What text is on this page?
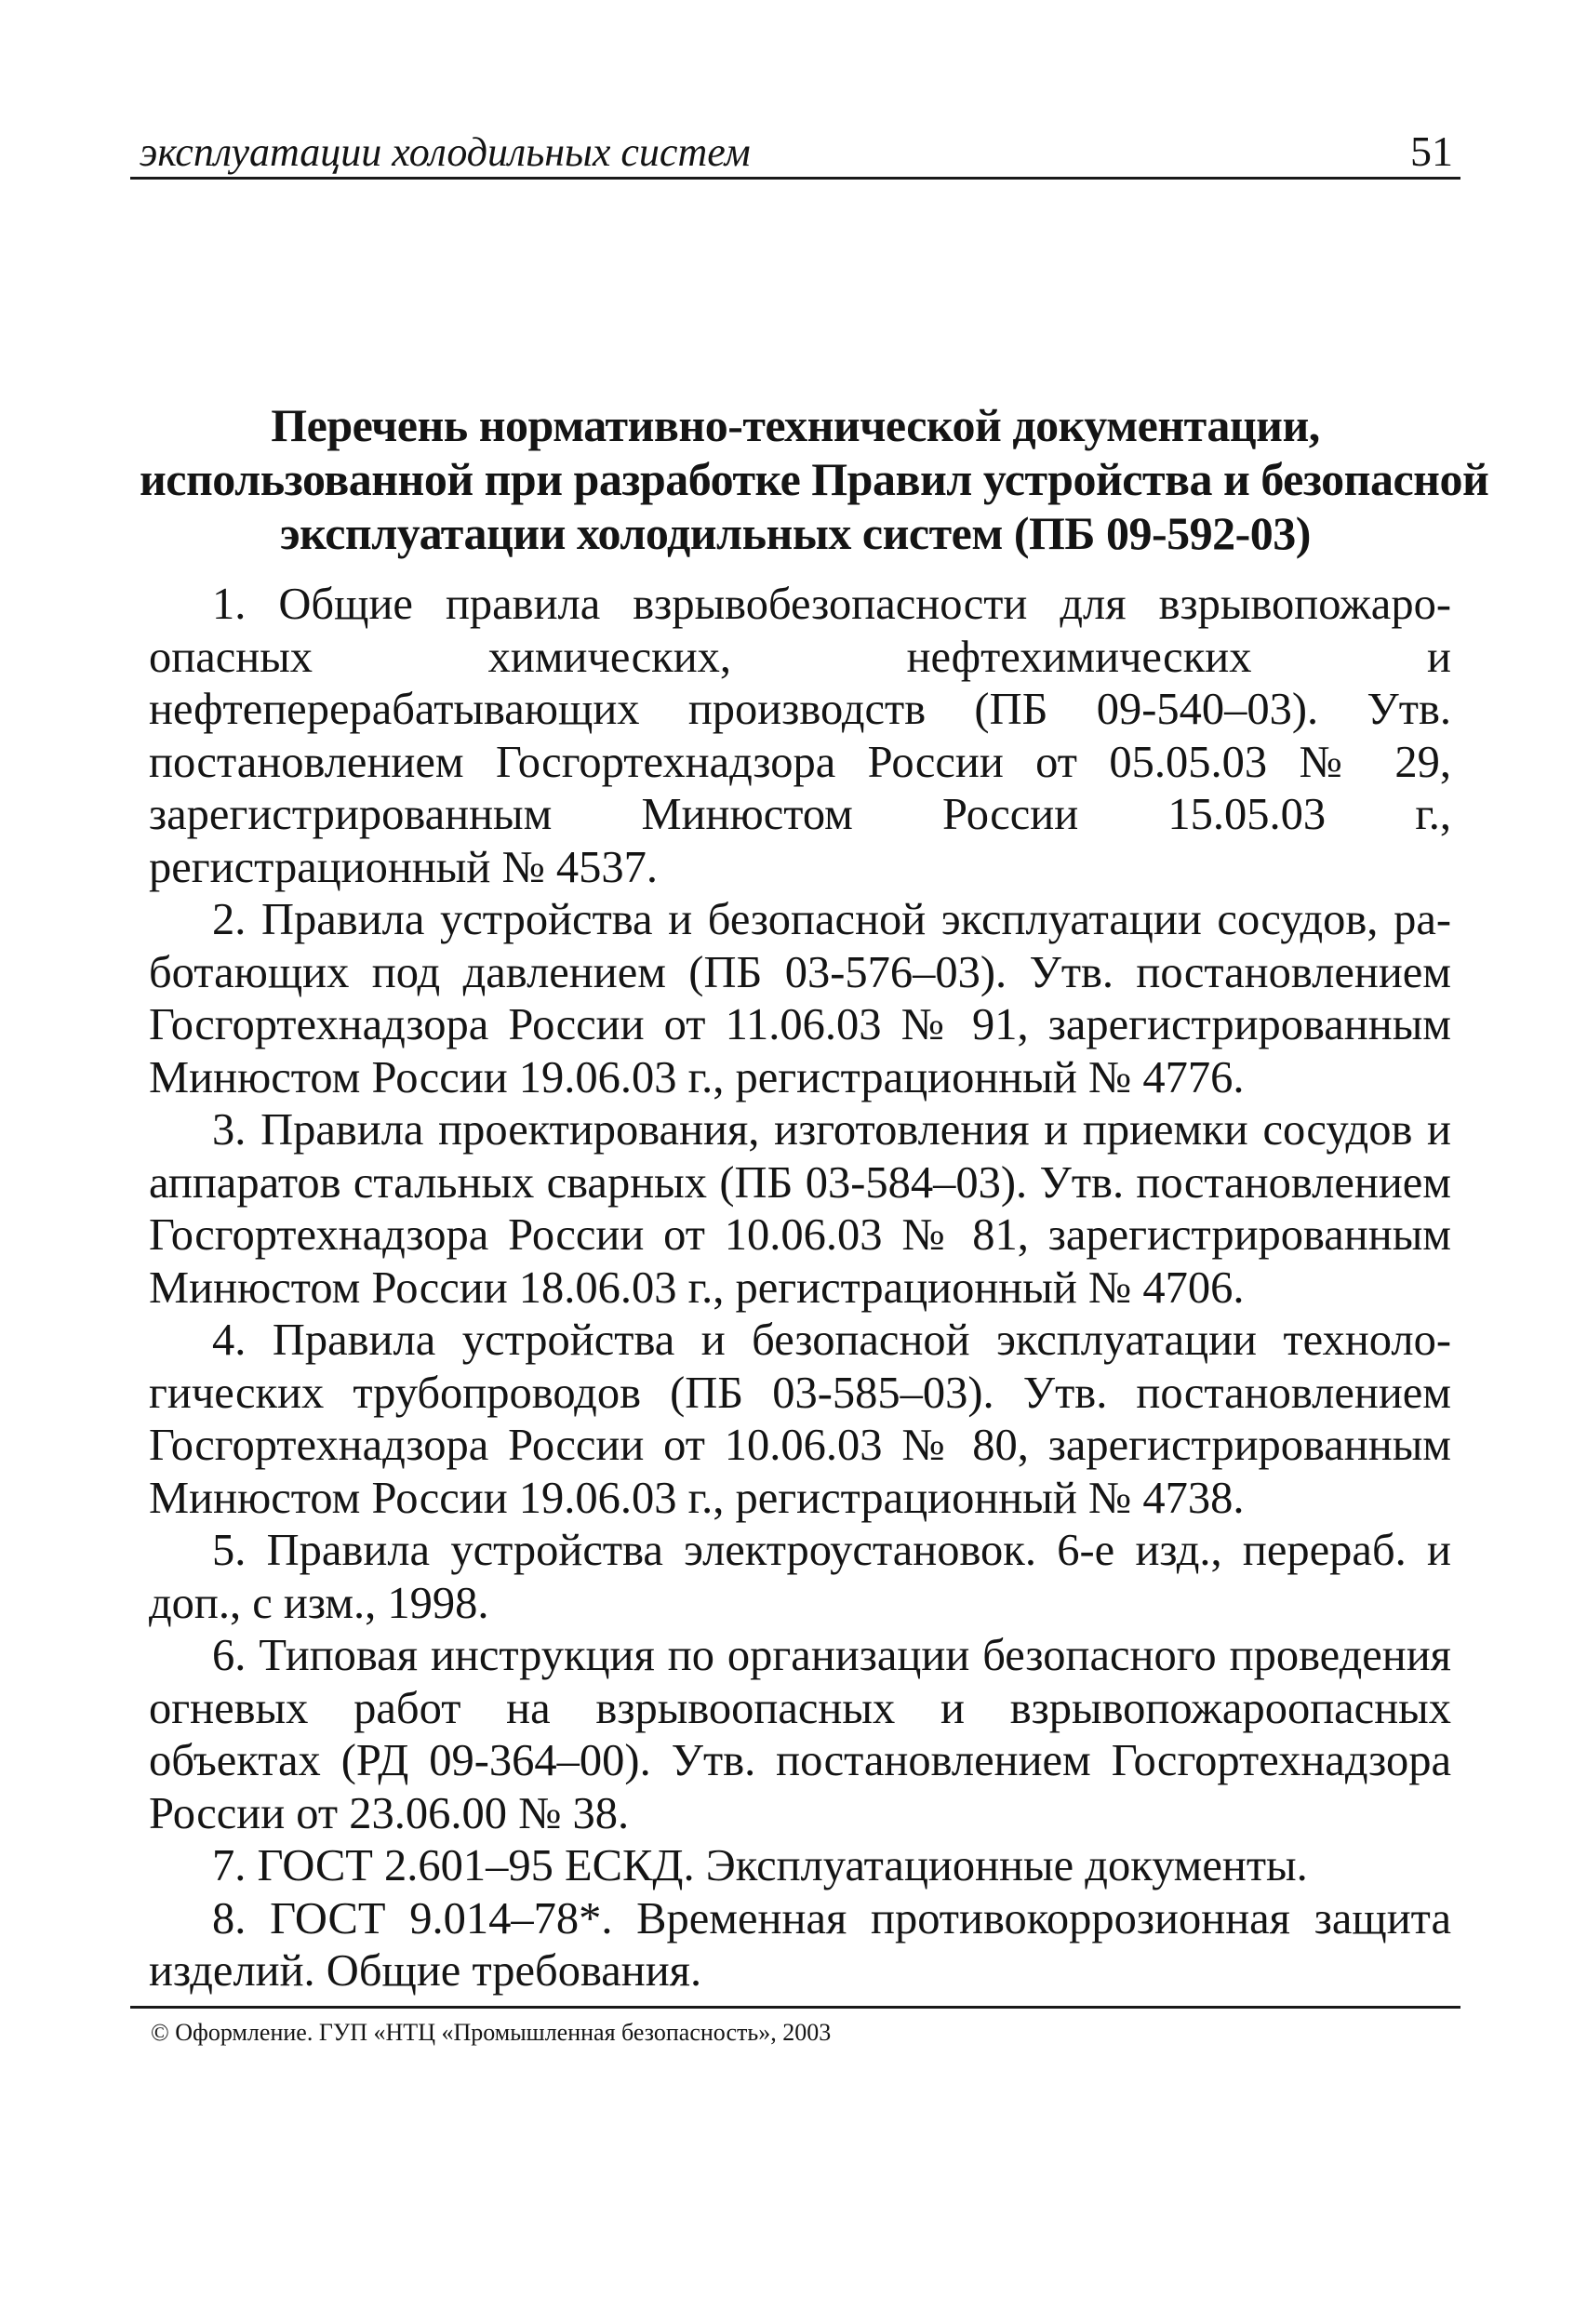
эксплуатации холодильных систем	51
Перечень нормативно-технической документации,
использованной при разработке Правил устройства и безопасной
эксплуатации холодильных систем (ПБ 09-592-03)

1. Общие правила взрывобезопасности для взрывопожароопасных химических, нефтехимических и нефтеперерабатывающих производств (ПБ 09-540–03). Утв. постановлением Госгортехнадзора России от 05.05.03 № 29, зарегистрированным Минюстом России 15.05.03 г., регистрационный № 4537.

2. Правила устройства и безопасной эксплуатации сосудов, работающих под давлением (ПБ 03-576–03). Утв. постановлением Госгортехнадзора России от 11.06.03 № 91, зарегистрированным Минюстом России 19.06.03 г., регистрационный № 4776.

3. Правила проектирования, изготовления и приемки сосудов и аппаратов стальных сварных (ПБ 03-584–03). Утв. постановлением Госгортехнадзора России от 10.06.03 № 81, зарегистрированным Минюстом России 18.06.03 г., регистрационный № 4706.

4. Правила устройства и безопасной эксплуатации технологических трубопроводов (ПБ 03-585–03). Утв. постановлением Госгортехнадзора России от 10.06.03 № 80, зарегистрированным Минюстом России 19.06.03 г., регистрационный № 4738.

5. Правила устройства электроустановок. 6-е изд., перераб. и доп., с изм., 1998.

6. Типовая инструкция по организации безопасного проведения огневых работ на взрывоопасных и взрывопожароопасных объектах (РД 09-364–00). Утв. постановлением Госгортехнадзора России от 23.06.00 № 38.

7. ГОСТ 2.601–95 ЕСКД. Эксплуатационные документы.

8. ГОСТ 9.014–78*. Временная противокоррозионная защита изделий. Общие требования.

© Оформление. ГУП «НТЦ «Промышленная безопасность», 2003
